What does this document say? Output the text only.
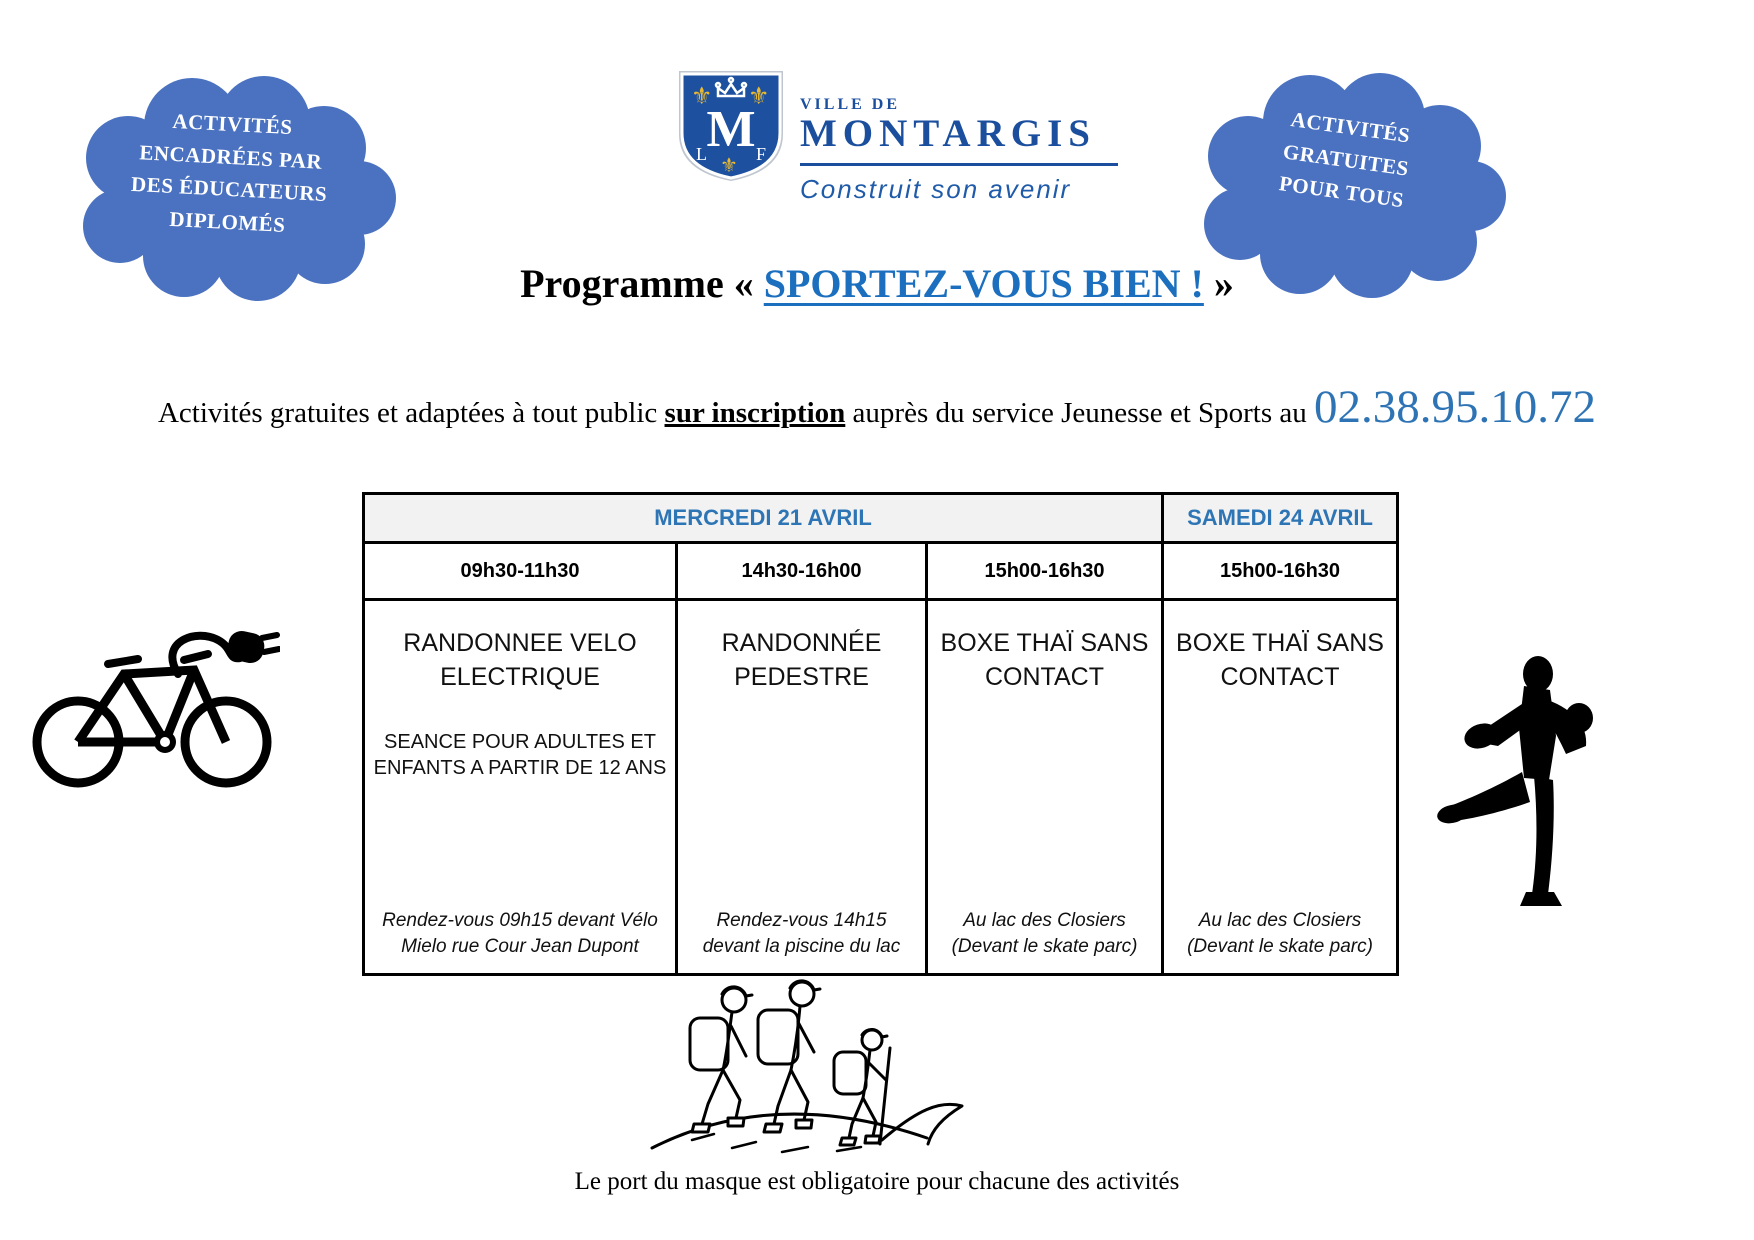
ACTIVITÉS
ENCADRÉES PAR
DES ÉDUCATEURS
DIPLOMÉS
ACTIVITÉS
GRATUITES
POUR TOUS
M
⚜ ⚜
⚜
L	F
VILLE DE
MONTARGIS
Construit son avenir
Programme « SPORTEZ-VOUS BIEN ! »
Activités gratuites et adaptées à tout public sur inscription auprès du service Jeunesse et Sports au 02.38.95.10.72
MERCREDI 21 AVRIL			SAMEDI 24 AVRIL
09h30-11h30	14h30-16h00	15h00-16h30	15h00-16h30

RANDONNEE VELO ELECTRIQUE
SEANCE POUR ADULTES ET ENFANTS A PARTIR DE 12 ANS
Rendez-vous 09h15 devant Vélo Mielo rue Cour Jean Dupont

RANDONNÉE PEDESTRE
Rendez-vous 14h15 devant la piscine du lac

BOXE THAÏ SANS CONTACT
Au lac des Closiers (Devant le skate parc)

BOXE THAÏ SANS CONTACT
Au lac des Closiers (Devant le skate parc)
Le port du masque est obligatoire pour chacune des activités
